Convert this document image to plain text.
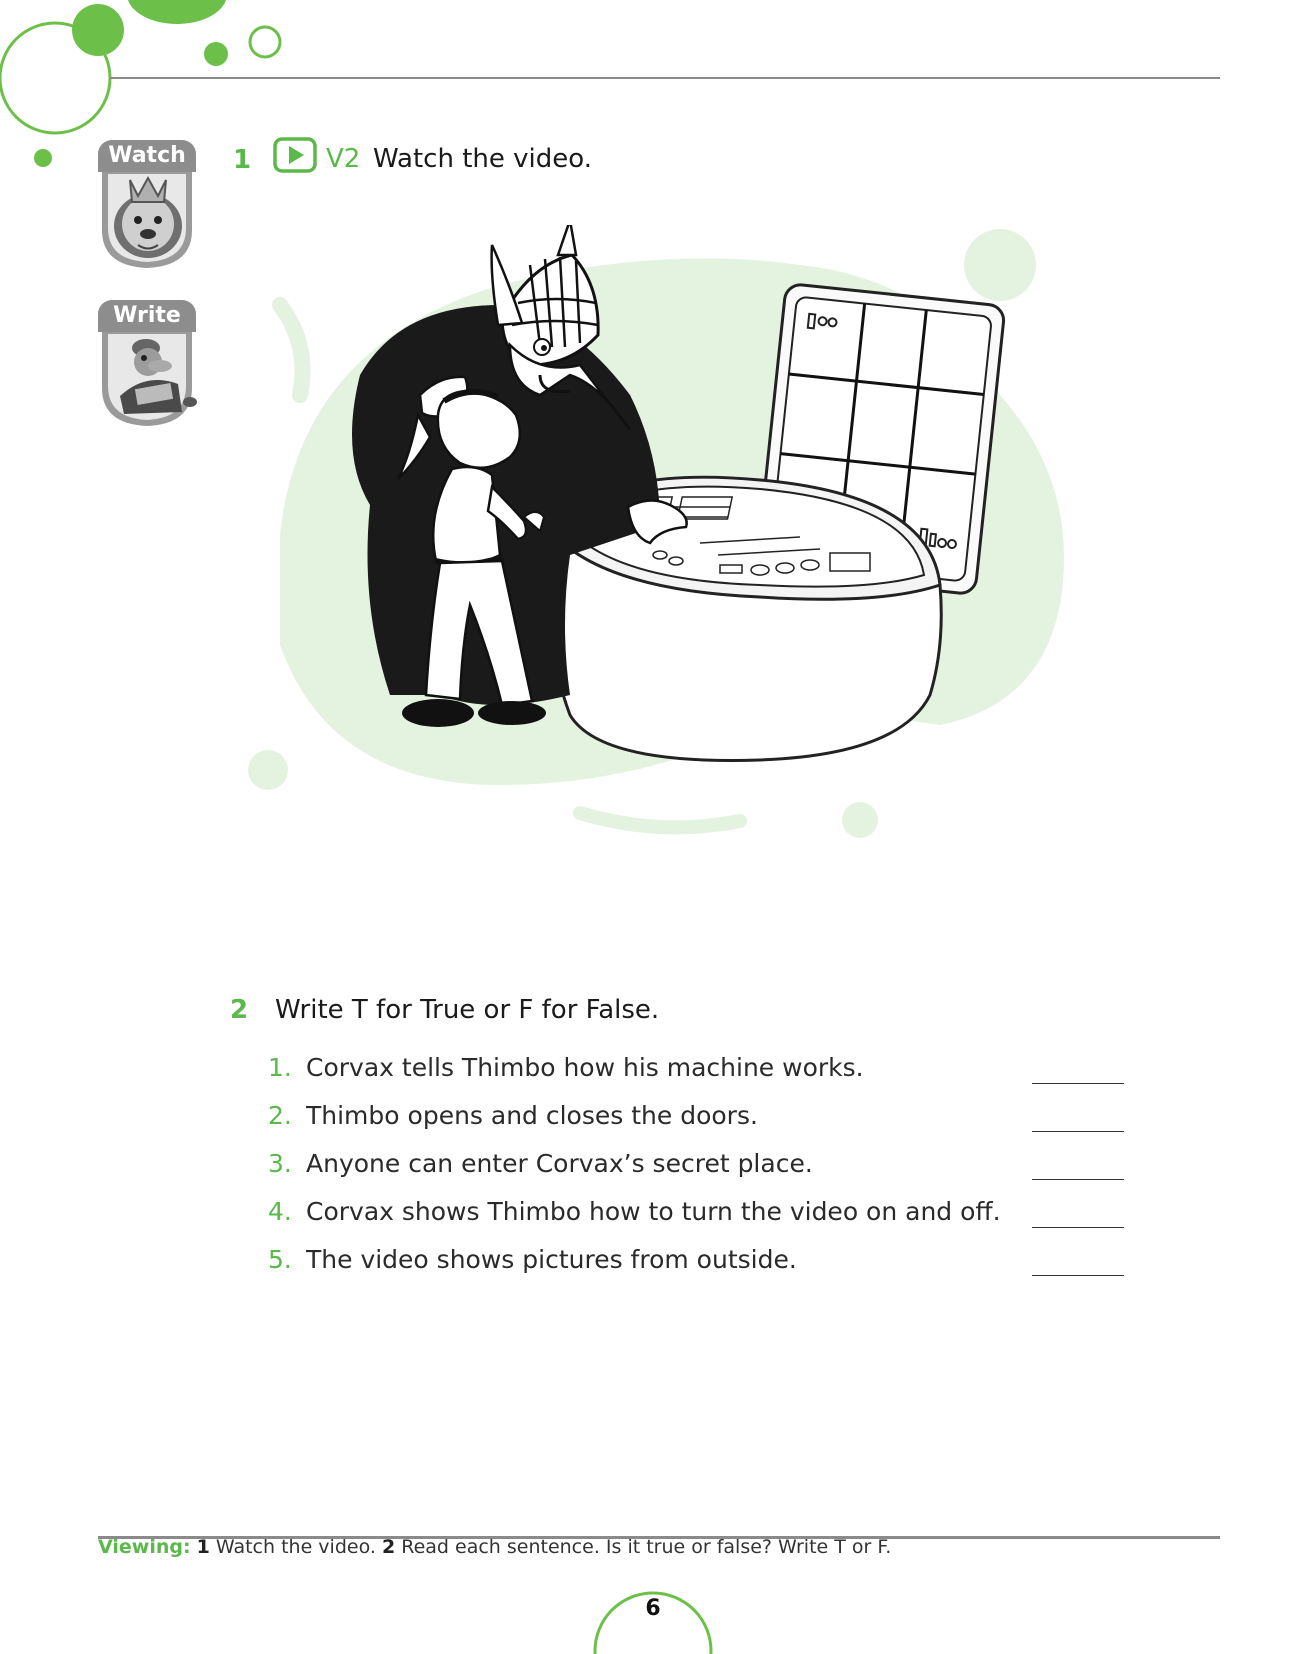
Watch
Write
1	V2 Watch the video.
2 Write T for True or F for False.
1. Corvax tells Thimbo how his machine works.
2. Thimbo opens and closes the doors.
3. Anyone can enter Corvax’s secret place.
4. Corvax shows Thimbo how to turn the video on and off.
5. The video shows pictures from outside.
Viewing: 1 Watch the video. 2 Read each sentence. Is it true or false? Write T or F.
6
